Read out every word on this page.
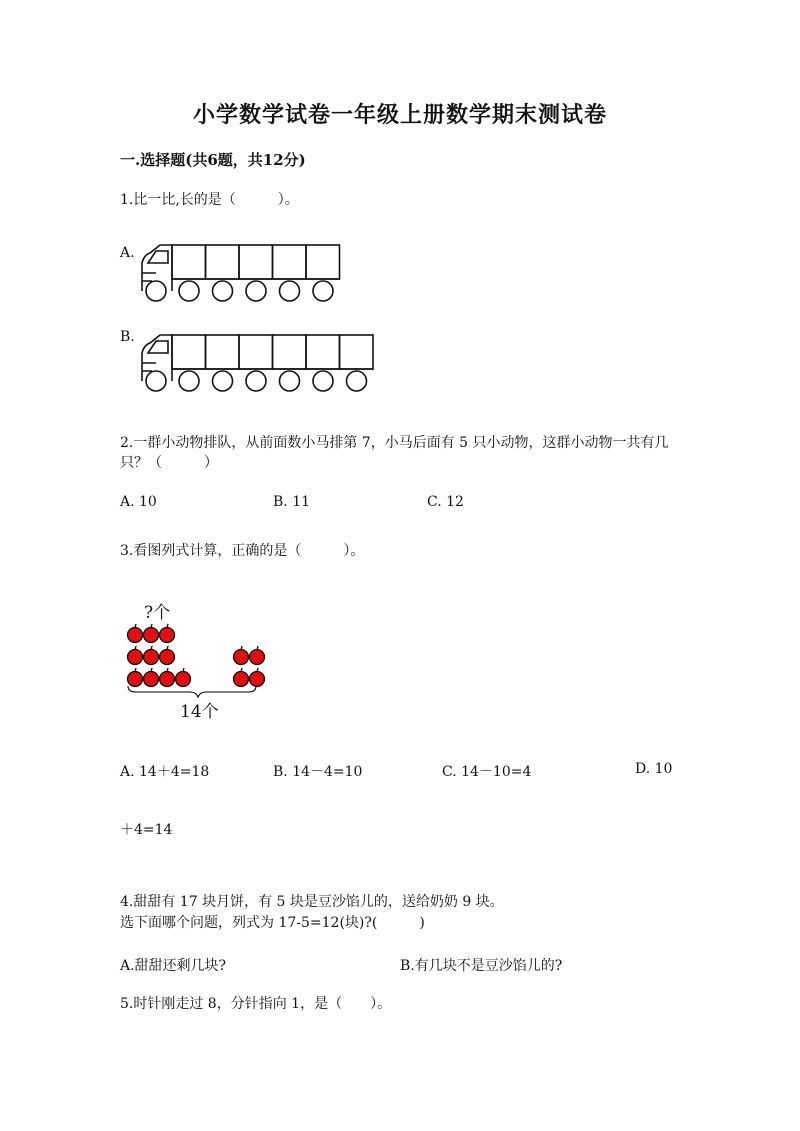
小学数学试卷一年级上册数学期末测试卷
一.选择题(共6题，共12分)
1.比一比,长的是（　　　）。
A.
B.
2.一群小动物排队，从前面数小马排第 7，小马后面有 5 只小动物，这群小动物一共有几
只？（　　　）
A. 10	B. 11	C. 12
3.看图列式计算，正确的是（　　　）。
?个
14个
A. 14＋4=18	B. 14－4=10	C. 14－10=4	D. 10
＋4=14
4.甜甜有 17 块月饼，有 5 块是豆沙馅儿的，送给奶奶 9 块。
选下面哪个问题，列式为 17-5=12(块)?(　　　)
A.甜甜还剩几块?	B.有几块不是豆沙馅儿的?
5.时针刚走过 8，分针指向 1，是（　　）。
